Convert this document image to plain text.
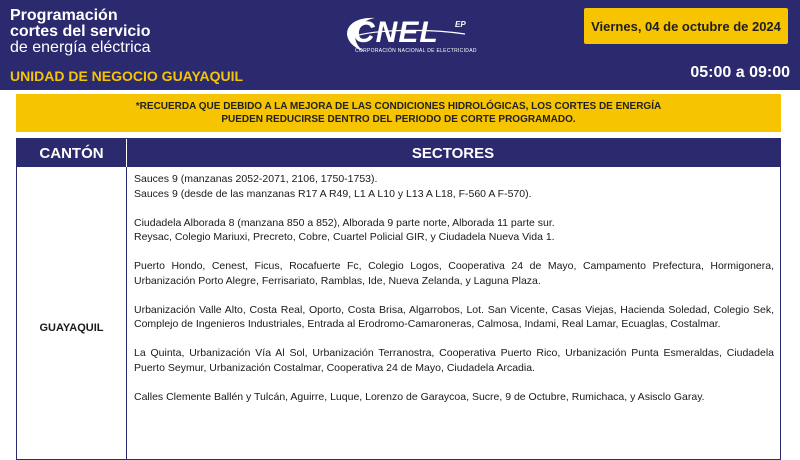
Programación
cortes del servicio
de energía eléctrica
UNIDAD DE NEGOCIO GUAYAQUIL
CNEL EP
CORPORACIÓN NACIONAL DE ELECTRICIDAD
Viernes, 04 de octubre de 2024
05:00 a 09:00
*RECUERDA QUE DEBIDO A LA MEJORA DE LAS CONDICIONES HIDROLÓGICAS, LOS CORTES DE ENERGÍA
PUEDEN REDUCIRSE DENTRO DEL PERIODO DE CORTE PROGRAMADO.
CANTÓN	SECTORES
GUAYAQUIL
Sauces 9 (manzanas 2052-2071, 2106, 1750-1753).
Sauces 9 (desde de las manzanas R17 A R49, L1 A L10 y L13 A L18, F-560 A F-570).
Ciudadela Alborada 8 (manzana 850 a 852), Alborada 9 parte norte, Alborada 11 parte sur.
Reysac, Colegio Mariuxi, Precreto, Cobre, Cuartel Policial GIR, y Ciudadela Nueva Vida 1.
Puerto Hondo, Cenest, Ficus, Rocafuerte Fc, Colegio Logos, Cooperativa 24 de Mayo, Campamento Prefectura, Hormigonera, Urbanización Porto Alegre, Ferrisariato, Ramblas, Ide, Nueva Zelanda, y Laguna Plaza.
Urbanización Valle Alto, Costa Real, Oporto, Costa Brisa, Algarrobos, Lot. San Vicente, Casas Viejas, Hacienda Soledad, Colegio Sek, Complejo de Ingenieros Industriales, Entrada al Erodromo-Camaroneras, Calmosa, Indami, Real Lamar, Ecuaglas, Costalmar.
La Quinta, Urbanización Vía Al Sol, Urbanización Terranostra, Cooperativa Puerto Rico, Urbanización Punta Esmeraldas, Ciudadela Puerto Seymur, Urbanización Costalmar, Cooperativa 24 de Mayo, Ciudadela Arcadia.
Calles Clemente Ballén y Tulcán, Aguirre, Luque, Lorenzo de Garaycoa, Sucre, 9 de Octubre, Rumichaca, y Asisclo Garay.
